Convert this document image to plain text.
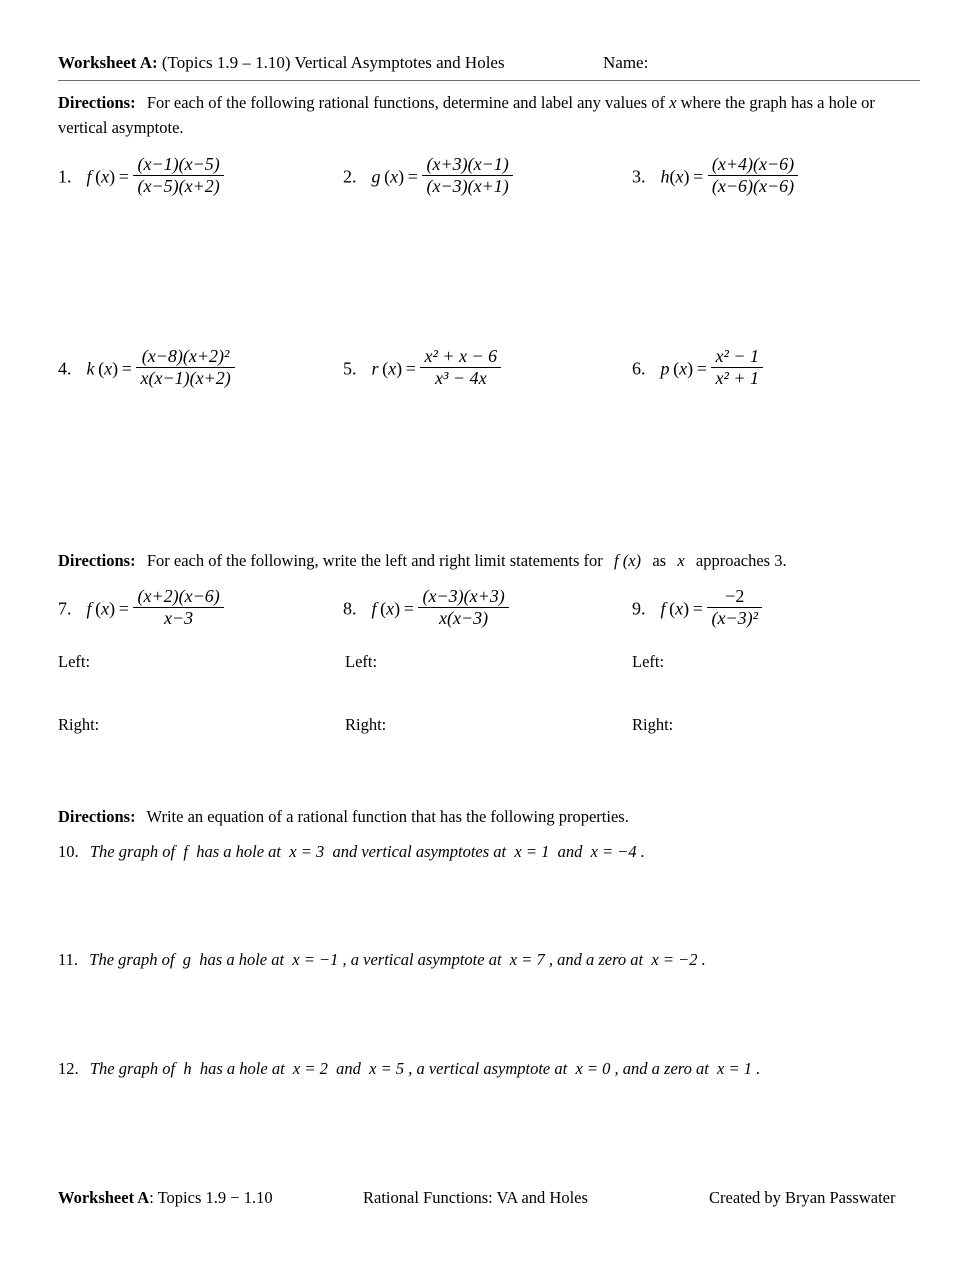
Worksheet A: (Topics 1.9 – 1.10) Vertical Asymptotes and Holes	Name:
Directions: For each of the following rational functions, determine and label any values of x where the graph has a hole or vertical asymptote.
1. f $(x) = \frac{(x-1)(x-5)}{(x-5)(x+2)}$	2. g $(x) = \frac{(x+3)(x-1)}{(x-3)(x+1)}$	3. $h(x) = \frac{(x+4)(x-6)}{(x-6)(x-6)}$
4. k $(x) = \frac{\text{(x−8)(x+2)²}}{x(x-1)(x+2)}$	5. r $(x) = \frac{\text{x² + x − 6}}{\text{x³ − 4x}}$	6. p $(x) = \frac{\text{x² − 1}}{\text{x² + 1}}$
Directions: For each of the following, write the left and right limit statements for f (x) as x approaches 3.
7. f $(x) = \frac{(x+2)(x-6)}{x-3}$
Left:
Right:
8. f $(x) = \frac{(x-3)(x+3)}{x(x-3)}$
Left:
Right:
9. f $(x) = \frac{-2}{\text{(x−3)²}}$
Left:
Right:
Directions: Write an equation of a rational function that has the following properties.
10. The graph of  f  has a hole at  x = 3  and vertical asymptotes at  x = 1  and  x = −4 .
11. The graph of  g  has a hole at  x = −1 , a vertical asymptote at  x = 7 , and a zero at  x = −2 .
12. The graph of  h  has a hole at  x = 2  and  x = 5 , a vertical asymptote at  x = 0 , and a zero at  x = 1 .
Worksheet A: Topics 1.9 − 1.10	Rational Functions: VA and Holes	Created by Bryan Passwater
